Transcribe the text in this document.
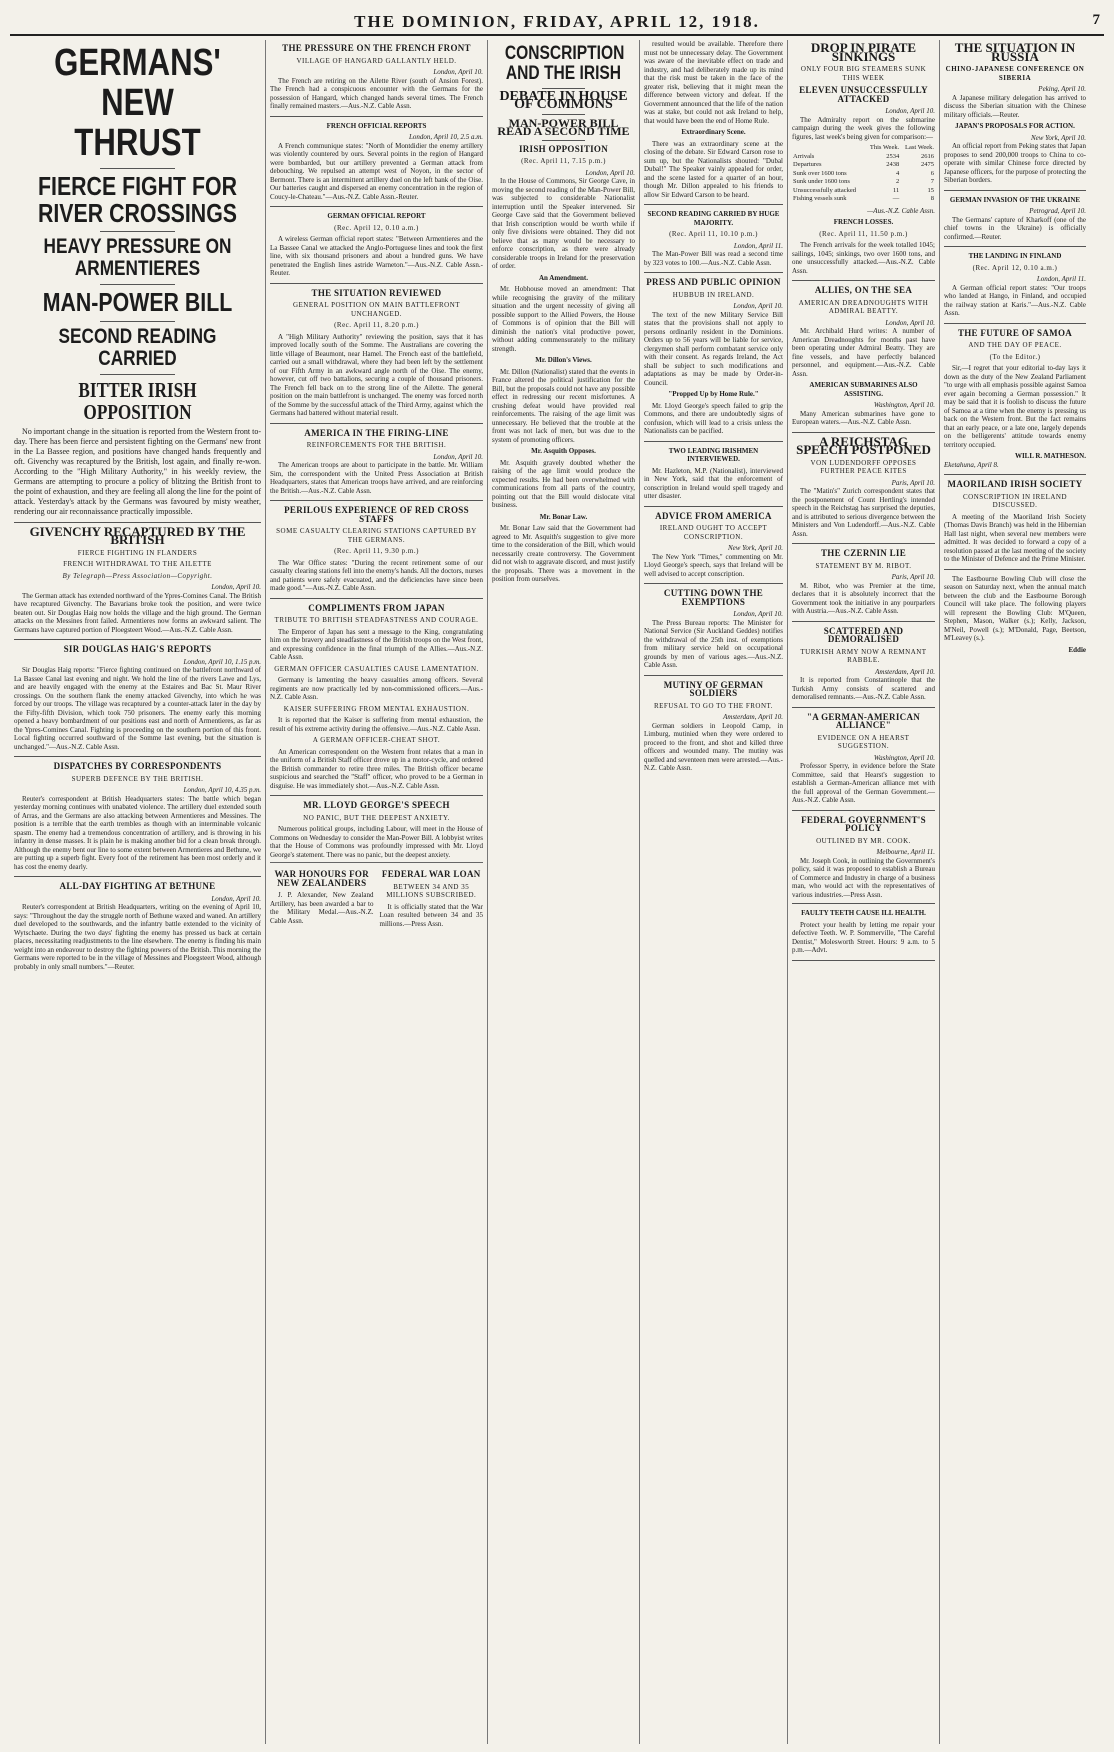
THE DOMINION, FRIDAY, APRIL 12, 1918.	7
GERMANS' NEW THRUST
FIERCE FIGHT FOR RIVER CROSSINGS
HEAVY PRESSURE ON ARMENTIERES
MAN-POWER BILL
SECOND READING CARRIED
BITTER IRISH OPPOSITION

No important change in the situation is reported from the Western front to-day. There has been fierce and persistent fighting on the Germans' new front in the La Bassee region, and positions have changed hands frequently and oft. Givenchy was recaptured by the British, lost again, and finally re-won. According to the "High Military Authority," in his weekly review, the Germans are attempting to procure a policy of blitzing the British front to the point of exhaustion, and they are feeling all along the line for the point of attack. Yesterday's attack by the Germans was favoured by misty weather, rendering our air reconnaissance practically impossible.

GIVENCHY RECAPTURED BY THE BRITISH
FIERCE FIGHTING IN FLANDERS
FRENCH WITHDRAWAL TO THE AILETTE
By Telegraph—Press Association—Copyright.
London, April 10.

The German attack has extended northward of the Ypres-Comines Canal. The British have recaptured Givenchy. The Bavarians broke took the position, and were twice beaten out. Sir Douglas Haig now holds the village and the high ground. The German attacks on the Messines front failed. Armentieres now forms an awkward salient. The Germans have captured portion of Ploegsteert Wood.—Aus.-N.Z. Cable Assn.

SIR DOUGLAS HAIG'S REPORTS
London, April 10, 1.15 p.m.

Sir Douglas Haig reports: "Fierce fighting continued on the battlefront northward of La Bassee Canal last evening and night. We hold the line of the rivers Lawe and Lys, and are heavily engaged with the enemy at the Estaires and Bac St. Maur River crossings. On the southern flank the enemy attacked Givenchy, into which he was forced by our troops. The village was recaptured by a counter-attack later in the day by the Fifty-fifth Division, which took 750 prisoners. The enemy early this morning opened a heavy bombardment of our positions east and north of Armentieres, as far as the Ypres-Comines Canal. Fighting is proceeding on the southern portion of this front. Local fighting occurred southward of the Somme last evening, but the situation is unchanged."—Aus.-N.Z. Cable Assn.

DISPATCHES BY CORRESPONDENTS
SUPERB DEFENCE BY THE BRITISH.
London, April 10, 4.35 p.m.

Reuter's correspondent at British Headquarters states: The battle which began yesterday morning continues with unabated violence. The artillery duel extended south of Arras, and the Germans are also attacking between Armentieres and Messines. The position is a terrible that the earth trembles as though with an interminable volcanic spasm. The enemy had a tremendous concentration of artillery, and is throwing in his infantry in dense masses. It is plain he is making another bid for a clean break through. Although the enemy bent our line to some extent between Armentieres and Bethune, we are putting up a superb fight. Every foot of the retirement has been most orderly and it has cost the enemy dearly.

ALL-DAY FIGHTING AT BETHUNE
London, April 10.

Reuter's correspondent at British Headquarters, writing on the evening of April 10, says: "Throughout the day the struggle north of Bethune waxed and waned. An artillery duel developed to the southwards, and the infantry battle extended to the vicinity of Wytschaete. During the two days' fighting the enemy has pressed us back at certain places, necessitating readjustments to the line elsewhere. The enemy is finding his main weight into an endeavour to destroy the fighting powers of the British. This morning the Germans were reported to be in the village of Messines and Ploegsteert Wood, although probably in only small numbers."—Reuter.

THE PRESSURE ON THE FRENCH FRONT
VILLAGE OF HANGARD GALLANTLY HELD.
London, April 10.

The French are retiring on the Ailette River (south of Ansion Forest). The French had a conspicuous encounter with the Germans for the possession of Hangard, which changed hands several times. The French finally remained masters.—Aus.-N.Z. Cable Assn.

FRENCH OFFICIAL REPORTS
London, April 10, 2.5 a.m.

A French communique states: "North of Montdidier the enemy artillery was violently countered by ours. Several points in the region of Hangard were bombarded, but our artillery prevented a German attack from debouching. We repulsed an attempt west of Noyon, in the sector of Bermont. There is an intermittent artillery duel on the left bank of the Oise. Our batteries caught and dispersed an enemy concentration in the region of Coucy-le-Chateau."—Aus.-N.Z. Cable Assn.-Reuter.

GERMAN OFFICIAL REPORT
(Rec. April 12, 0.10 a.m.)

A wireless German official report states: "Between Armentieres and the La Bassee Canal we attacked the Anglo-Portuguese lines and took the first line, with six thousand prisoners and about a hundred guns. We have penetrated the English lines astride Warneton."—Aus.-N.Z. Cable Assn.-Reuter.

THE SITUATION REVIEWED
GENERAL POSITION ON MAIN BATTLEFRONT UNCHANGED.
(Rec. April 11, 8.20 p.m.)

A "High Military Authority" reviewing the position, says that it has improved locally south of the Somme. The Australians are covering the little village of Beaumont, near Hamel. The French east of the battlefield, carried out a small withdrawal, where they had been left by the settlement of our Fifth Army in an awkward angle north of the Oise. The enemy, however, cut off two battalions, securing a couple of thousand prisoners. The French fell back on to the strong line of the Ailette. The general position on the main battlefront is unchanged. The enemy was forced north of the Somme by the successful attack of the Third Army, against which the Germans had battered without material result.

AMERICA IN THE FIRING-LINE
REINFORCEMENTS FOR THE BRITISH.
London, April 10.

The American troops are about to participate in the battle. Mr. William Sim, the correspondent with the United Press Association at British Headquarters, states that American troops have arrived, and are reinforcing the British.—Aus.-N.Z. Cable Assn.

PERILOUS EXPERIENCE OF RED CROSS STAFFS
SOME CASUALTY CLEARING STATIONS CAPTURED BY THE GERMANS.
(Rec. April 11, 9.30 p.m.)

The War Office states: "During the recent retirement some of our casualty clearing stations fell into the enemy's hands. All the doctors, nurses and patients were safely evacuated, and the deficiencies have since been made good."—Aus.-N.Z. Cable Assn.

COMPLIMENTS FROM JAPAN
TRIBUTE TO BRITISH STEADFASTNESS AND COURAGE.

The Emperor of Japan has sent a message to the King, congratulating him on the bravery and steadfastness of the British troops on the West front, and expressing confidence in the final triumph of the Allies.—Aus.-N.Z. Cable Assn.

GERMAN OFFICER CASUALTIES CAUSE LAMENTATION.

Germany is lamenting the heavy casualties among officers. Several regiments are now practically led by non-commissioned officers.—Aus.-N.Z. Cable Assn.

KAISER SUFFERING FROM MENTAL EXHAUSTION.

It is reported that the Kaiser is suffering from mental exhaustion, the result of his extreme activity during the offensive.—Aus.-N.Z. Cable Assn.

A GERMAN OFFICER-CHEAT SHOT.

An American correspondent on the Western front relates that a man in the uniform of a British Staff officer drove up in a motor-cycle, and ordered the British commander to retire three miles. The British officer became suspicious and searched the "Staff" officer, who proved to be a German in disguise. He was immediately shot.—Aus.-N.Z. Cable Assn.

MR. LLOYD GEORGE'S SPEECH
NO PANIC, BUT THE DEEPEST ANXIETY.

Numerous political groups, including Labour, will meet in the House of Commons on Wednesday to consider the Man-Power Bill. A lobbyist writes that the House of Commons was profoundly impressed with Mr. Lloyd George's statement. There was no panic, but the deepest anxiety.

WAR HONOURS FOR NEW ZEALANDERS

J. P. Alexander, New Zealand Artillery, has been awarded a bar to the Military Medal.—Aus.-N.Z. Cable Assn.

FEDERAL WAR LOAN
BETWEEN 34 AND 35 MILLIONS SUBSCRIBED.

It is officially stated that the War Loan resulted between 34 and 35 millions.—Press Assn.

CONSCRIPTION AND THE IRISH
DEBATE IN HOUSE OF COMMONS
MAN-POWER BILL READ A SECOND TIME
IRISH OPPOSITION
(Rec. April 11, 7.15 p.m.)
London, April 10.

In the House of Commons, Sir George Cave, in moving the second reading of the Man-Power Bill, was subjected to considerable Nationalist interruption until the Speaker intervened. Sir George Cave said that the Government believed that Irish conscription would be worth while if only five divisions were obtained. They did not believe that as many would be necessary to enforce conscription, as there were already considerable troops in Ireland for the preservation of order.

An Amendment.

Mr. Hobhouse moved an amendment: That while recognising the gravity of the military situation and the urgent necessity of giving all possible support to the Allied Powers, the House of Commons is of opinion that the Bill will diminish the nation's vital productive power, without adding commensurately to the military strength.

Mr. Dillon's Views.

Mr. Dillon (Nationalist) stated that the events in France altered the political justification for the Bill, but the proposals could not have any possible effect in redressing our recent misfortunes. A crushing defeat would have provided real reinforcements. The raising of the age limit was unnecessary. He believed that the trouble at the front was not lack of men, but was due to the system of promoting officers.

Mr. Asquith Opposes.

Mr. Asquith gravely doubted whether the raising of the age limit would produce the expected results. He had been overwhelmed with communications from all parts of the country, pointing out that the Bill would dislocate vital business.

Mr. Bonar Law.

Mr. Bonar Law said that the Government had agreed to Mr. Asquith's suggestion to give more time to the consideration of the Bill, which would necessarily create controversy. The Government did not wish to aggravate discord, and must justify the proposals. There was a movement in the position from ourselves.

resulted would be available. Therefore there must not be unnecessary delay. The Government was aware of the inevitable effect on trade and industry, and had deliberately made up its mind that the risk must be taken in the face of the greater risk, believing that it might mean the difference between victory and defeat. If the Government announced that the life of the nation was at stake, but could not ask Ireland to help, that would have been the end of Home Rule.

Extraordinary Scene.

There was an extraordinary scene at the closing of the debate. Sir Edward Carson rose to sum up, but the Nationalists shouted: "Dubal Dubal!" The Speaker vainly appealed for order, and the scene lasted for a quarter of an hour, though Mr. Dillon appealed to his friends to allow Sir Edward Carson to be heard.

SECOND READING CARRIED BY HUGE MAJORITY.
(Rec. April 11, 10.10 p.m.)
London, April 11.

The Man-Power Bill was read a second time by 323 votes to 100.—Aus.-N.Z. Cable Assn.

PRESS AND PUBLIC OPINION
HUBBUB IN IRELAND.
London, April 10.

The text of the new Military Service Bill states that the provisions shall not apply to persons ordinarily resident in the Dominions. Orders up to 56 years will be liable for service, clergymen shall perform combatant service only with their consent. As regards Ireland, the Act shall be subject to such modifications and adaptations as may be made by Order-in-Council.

"Propped Up by Home Rule."

Mr. Lloyd George's speech failed to grip the Commons, and there are undoubtedly signs of confusion, which will lead to a crisis unless the Nationalists can be pacified.

TWO LEADING IRISHMEN INTERVIEWED.

Mr. Hazleton, M.P. (Nationalist), interviewed in New York, said that the enforcement of conscription in Ireland would spell tragedy and utter disaster.

ADVICE FROM AMERICA
IRELAND OUGHT TO ACCEPT CONSCRIPTION.
New York, April 10.

The New York "Times," commenting on Mr. Lloyd George's speech, says that Ireland will be well advised to accept conscription.

CUTTING DOWN THE EXEMPTIONS
London, April 10.

The Press Bureau reports: The Minister for National Service (Sir Auckland Geddes) notifies the withdrawal of the 25th inst. of exemptions from military service held on occupational grounds by men of various ages.—Aus.-N.Z. Cable Assn.

MUTINY OF GERMAN SOLDIERS
REFUSAL TO GO TO THE FRONT.
Amsterdam, April 10.

German soldiers in Leopold Camp, in Limburg, mutinied when they were ordered to proceed to the front, and shot and killed three officers and wounded many. The mutiny was quelled and seventeen men were arrested.—Aus.-N.Z. Cable Assn.

DROP IN PIRATE SINKINGS
ONLY FOUR BIG STEAMERS SUNK THIS WEEK
ELEVEN UNSUCCESSFULLY ATTACKED
London, April 10.

The Admiralty report on the submarine campaign during the week gives the following figures, last week's being given for comparison:—

	This Week.	Last Week.
Arrivals	2534	2616
Departures	2438	2475
Sunk over 1600 tons	4	6
Sunk under 1600 tons	2	7
Unsuccessfully attacked	11	15
Fishing vessels sunk	—	8
—Aus.-N.Z. Cable Assn.
FRENCH LOSSES.
(Rec. April 11, 11.50 p.m.)

The French arrivals for the week totalled 1045; sailings, 1045; sinkings, two over 1600 tons, and one unsuccessfully attacked.—Aus.-N.Z. Cable Assn.

ALLIES, ON THE SEA
AMERICAN DREADNOUGHTS WITH ADMIRAL BEATTY.
London, April 10.

Mr. Archibald Hurd writes: A number of American Dreadnoughts for months past have been operating under Admiral Beatty. They are fine vessels, and have perfectly balanced personnel, and equipment.—Aus.-N.Z. Cable Assn.

AMERICAN SUBMARINES ALSO ASSISTING.
Washington, April 10.

Many American submarines have gone to European waters.—Aus.-N.Z. Cable Assn.

A REICHSTAG SPEECH POSTPONED
VON LUDENDORFF OPPOSES FURTHER PEACE KITES
Paris, April 10.

The "Matin's" Zurich correspondent states that the postponement of Count Hertling's intended speech in the Reichstag has surprised the deputies, and is attributed to serious divergence between the Ministers and Von Ludendorff.—Aus.-N.Z. Cable Assn.

THE CZERNIN LIE
STATEMENT BY M. RIBOT.
Paris, April 10.

M. Ribot, who was Premier at the time, declares that it is absolutely incorrect that the Government took the initiative in any pourparlers with Austria.—Aus.-N.Z. Cable Assn.

SCATTERED AND DEMORALISED
TURKISH ARMY NOW A REMNANT RABBLE.
Amsterdam, April 10.

It is reported from Constantinople that the Turkish Army consists of scattered and demoralised remnants.—Aus.-N.Z. Cable Assn.

"A GERMAN-AMERICAN ALLIANCE"
EVIDENCE ON A HEARST SUGGESTION.
Washington, April 10.

Professor Sperry, in evidence before the State Committee, said that Hearst's suggestion to establish a German-American alliance met with the full approval of the German Government.—Aus.-N.Z. Cable Assn.

FEDERAL GOVERNMENT'S POLICY
OUTLINED BY MR. COOK.
Melbourne, April 11.

Mr. Joseph Cook, in outlining the Government's policy, said it was proposed to establish a Bureau of Commerce and Industry in charge of a business man, who would act with the representatives of various industries.—Press Assn.

FAULTY TEETH CAUSE ILL HEALTH.

Protect your health by letting me repair your defective Teeth. W. P. Sommerville, "The Careful Dentist," Molesworth Street. Hours: 9 a.m. to 5 p.m.—Advt.

THE SITUATION IN RUSSIA
CHINO-JAPANESE CONFERENCE ON SIBERIA
Peking, April 10.

A Japanese military delegation has arrived to discuss the Siberian situation with the Chinese military officials.—Reuter.

JAPAN'S PROPOSALS FOR ACTION.
New York, April 10.

An official report from Peking states that Japan proposes to send 200,000 troops to China to co-operate with similar Chinese force directed by Japanese officers, for the purpose of protecting the Siberian borders.

GERMAN INVASION OF THE UKRAINE
Petrograd, April 10.

The Germans' capture of Kharkoff (one of the chief towns in the Ukraine) is officially confirmed.—Reuter.

THE LANDING IN FINLAND
(Rec. April 12, 0.10 a.m.)
London, April 11.

A German official report states: "Our troops who landed at Hango, in Finland, and occupied the railway station at Karis."—Aus.-N.Z. Cable Assn.

THE FUTURE OF SAMOA
AND THE DAY OF PEACE.
(To the Editor.)

Sir,—I regret that your editorial to-day lays it down as the duty of the New Zealand Parliament "to urge with all emphasis possible against Samoa ever again becoming a German possession." It may be said that it is foolish to discuss the future of Samoa at a time when the enemy is pressing us back on the Western front. But the fact remains that an early peace, or a late one, largely depends on the belligerents' attitude towards enemy territory occupied.

WILL R. MATHESON.
Eketahuna, April 8.
MAORILAND IRISH SOCIETY
CONSCRIPTION IN IRELAND DISCUSSED.

A meeting of the Maoriland Irish Society (Thomas Davis Branch) was held in the Hibernian Hall last night, when several new members were admitted. It was decided to forward a copy of a resolution passed at the last meeting of the society to the Minister of Defence and the Prime Minister.

The Eastbourne Bowling Club will close the season on Saturday next, when the annual match between the club and the Eastbourne Borough Council will take place. The following players will represent the Bowling Club: M'Queen, Stephen, Mason, Walker (s.); Kelly, Jackson, M'Neil, Powell (s.); M'Donald, Page, Beetson, M'Leavey (s.).

Eddie
